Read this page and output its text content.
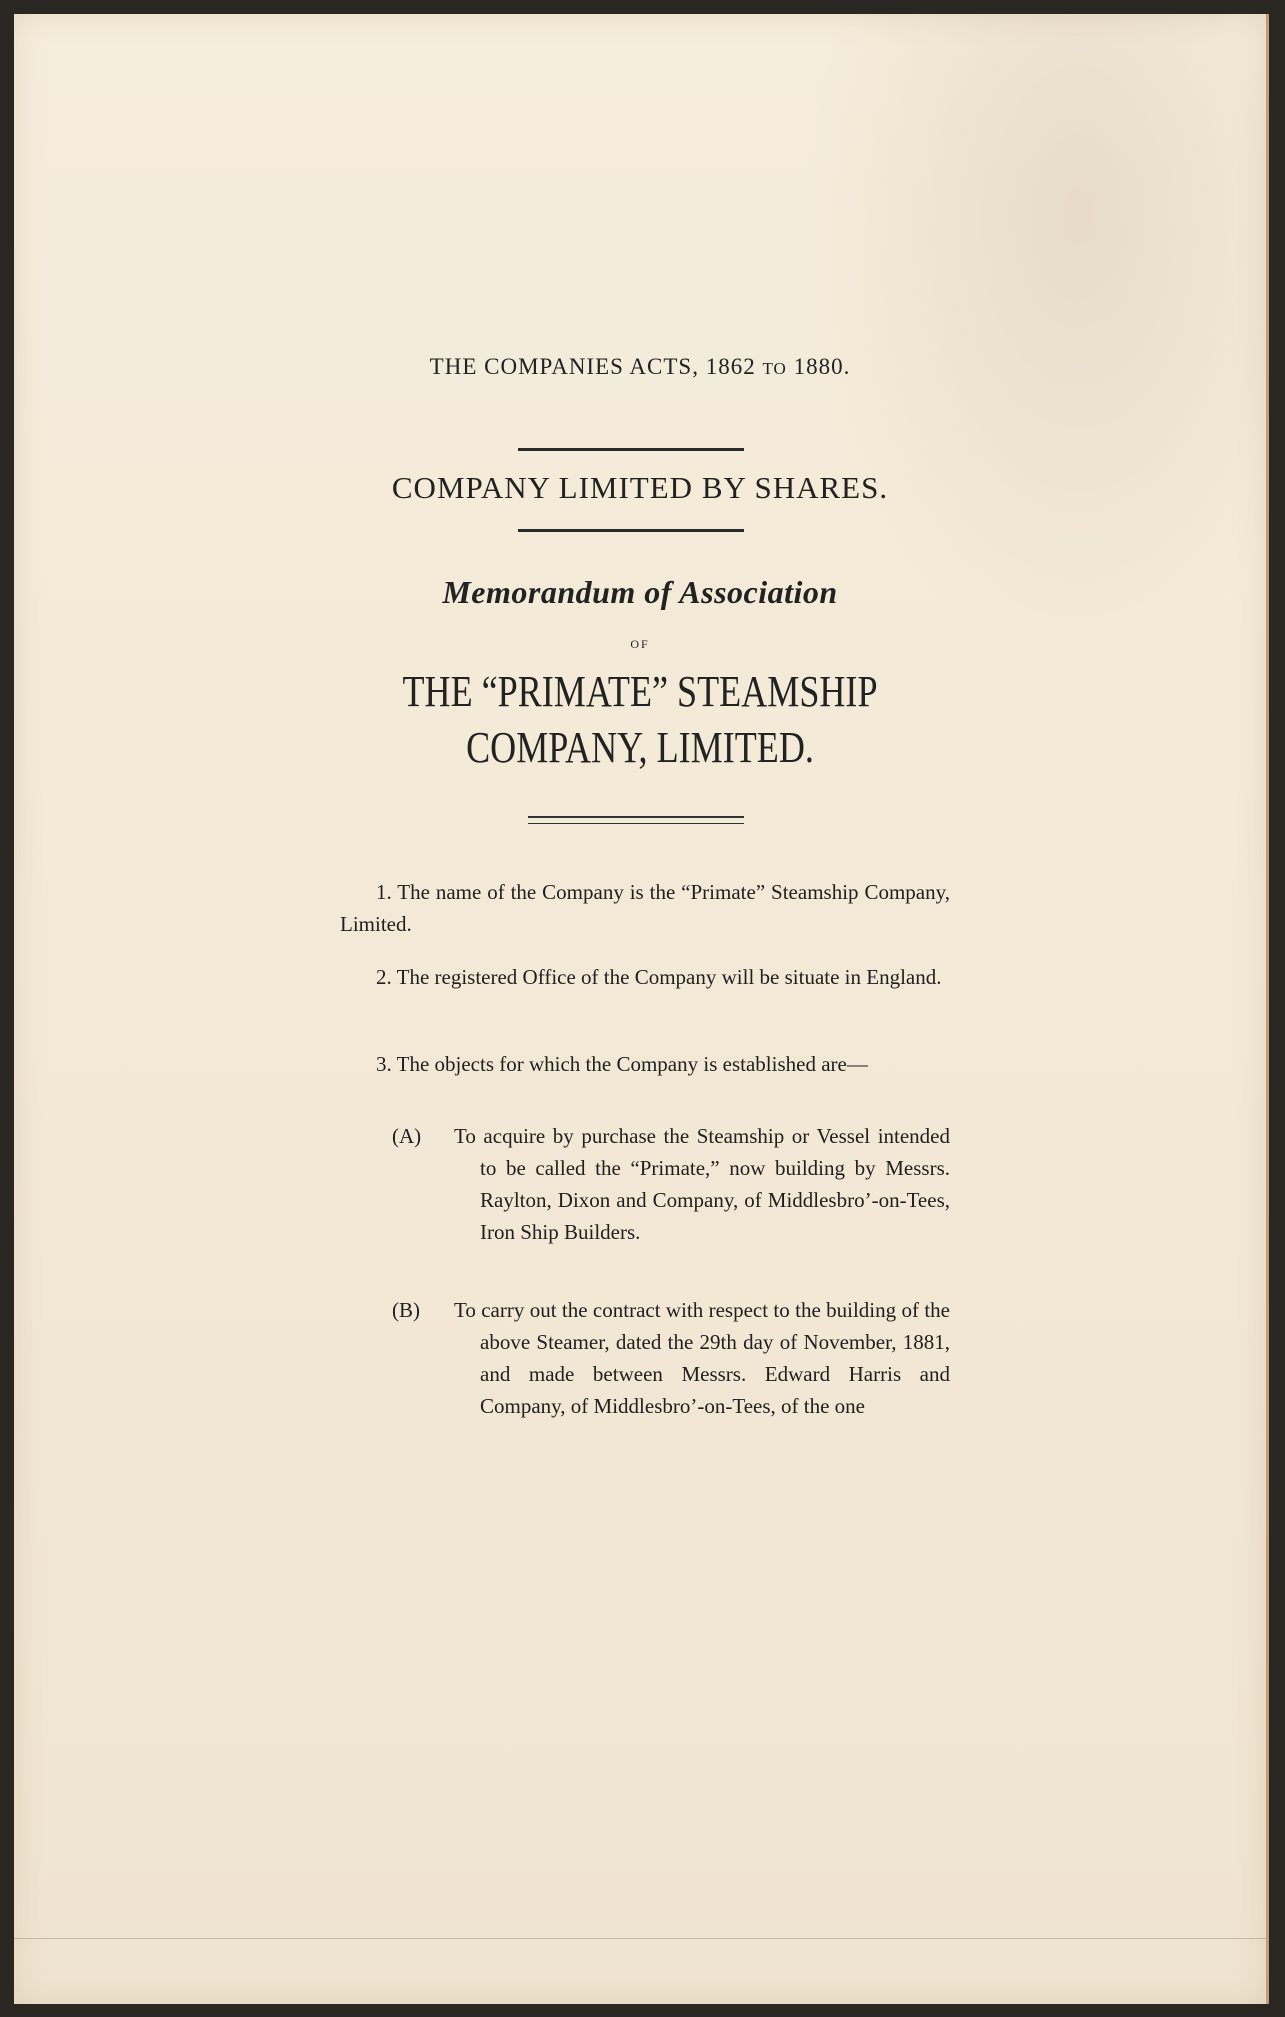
THE COMPANIES ACTS, 1862 TO 1880.
COMPANY LIMITED BY SHARES.
Memorandum of Association
OF
THE “PRIMATE” STEAMSHIP
COMPANY, LIMITED.

1. The name of the Company is the “Primate” Steamship Company, Limited.

2. The registered Office of the Company will be situate in England.

3. The objects for which the Company is established are—

(A) To acquire by purchase the Steamship or Vessel intended to be called the “Primate,” now building by Messrs. Raylton, Dixon and Company, of Middlesbro’-on-Tees, Iron Ship Builders.
(B) To carry out the contract with respect to the building of the above Steamer, dated the 29th day of November, 1881, and made between Messrs. Edward Harris and Company, of Middlesbro’-on-Tees, of the one
